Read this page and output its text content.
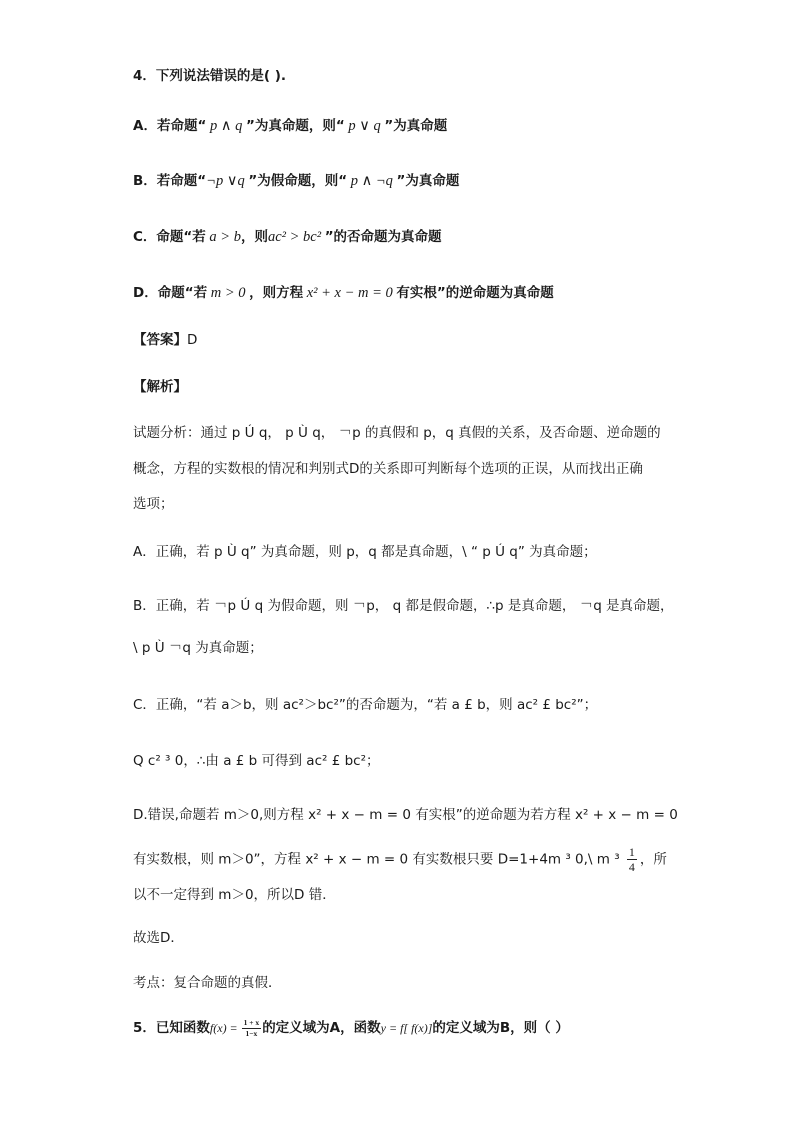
4．下列说法错误的是( ).
A．若命题“ p ∧ q ”为真命题，则“ p ∨ q ”为真命题
B．若命题“¬p ∨q ”为假命题，则“ p ∧ ¬q ”为真命题
C．命题“若 a > b，则ac² > bc² ”的否命题为真命题
D．命题“若 m > 0 ，则方程 x² + x − m = 0 有实根”的逆命题为真命题
【答案】D
【解析】
试题分析：通过 p Ú q， p Ù q， ￢p 的真假和 p，q 真假的关系，及否命题、逆命题的
概念，方程的实数根的情况和判别式D的关系即可判断每个选项的正误，从而找出正确
选项；
A．正确，若 p Ù q” 为真命题，则 p，q 都是真命题，\ “ p Ú q” 为真命题；
B．正确，若 ￢p Ú q 为假命题，则 ￢p， q 都是假命题，∴p 是真命题， ￢q 是真命题，
\ p Ù ￢q 为真命题；
C．正确，“若 a＞b，则 ac²＞bc²”的否命题为，“若 a £ b，则 ac² £ bc²”；
Q c² ³ 0，∴由 a £ b 可得到 ac² £ bc²；
D.错误,命题若 m＞0,则方程 x² + x − m = 0 有实根”的逆命题为若方程 x² + x − m = 0
有实数根，则 m＞0”，方程 x² + x − m = 0 有实数根只要 D=1+4m ³ 0,\ m $^3 \frac{1}{4}$ ，所
以不一定得到 m＞0，所以D 错．
故选D．
考点：复合命题的真假．
5．已知函数$f(x) = \frac{1 + x}{1-x}$ 的定义域为A，函数y = f[ f(x)]的定义域为B，则（ ）
